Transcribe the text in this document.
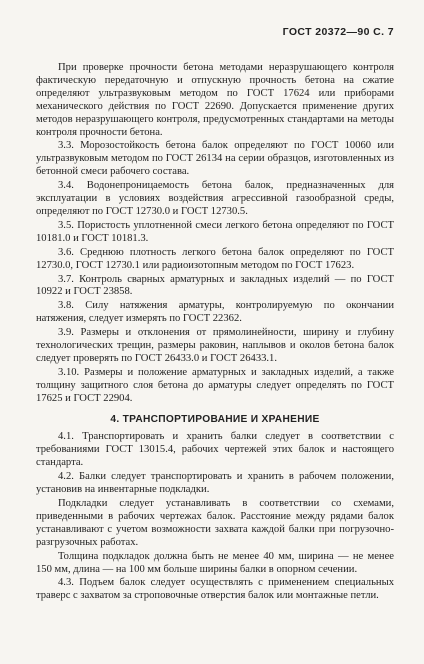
ГОСТ 20372—90 С. 7

При проверке прочности бетона методами неразрушающего контроля фактическую передаточную и отпускную прочность бетона на сжатие определяют ультразвуковым методом по ГОСТ 17624 или приборами механического действия по ГОСТ 22690. Допускается применение других методов неразрушающего контроля, предусмотренных стандартами на методы контроля прочности бетона.

3.3. Морозостойкость бетона балок определяют по ГОСТ 10060 или ультразвуковым методом по ГОСТ 26134 на серии образцов, изготовленных из бетонной смеси рабочего состава.

3.4. Водонепроницаемость бетона балок, предназначенных для эксплуатации в условиях воздействия агрессивной газообразной среды, определяют по ГОСТ 12730.0 и ГОСТ 12730.5.

3.5. Пористость уплотненной смеси легкого бетона определяют по ГОСТ 10181.0 и ГОСТ 10181.3.

3.6. Среднюю плотность легкого бетона балок определяют по ГОСТ 12730.0, ГОСТ 12730.1 или радиоизотопным методом по ГОСТ 17623.

3.7. Контроль сварных арматурных и закладных изделий — по ГОСТ 10922 и ГОСТ 23858.

3.8. Силу натяжения арматуры, контролируемую по окончании натяжения, следует измерять по ГОСТ 22362.

3.9. Размеры и отклонения от прямолинейности, ширину и глубину технологических трещин, размеры раковин, наплывов и околов бетона балок следует проверять по ГОСТ 26433.0 и ГОСТ 26433.1.

3.10. Размеры и положение арматурных и закладных изделий, а также толщину защитного слоя бетона до арматуры следует определять по ГОСТ 17625 и ГОСТ 22904.

4. ТРАНСПОРТИРОВАНИЕ И ХРАНЕНИЕ

4.1. Транспортировать и хранить балки следует в соответствии с требованиями ГОСТ 13015.4, рабочих чертежей этих балок и настоящего стандарта.

4.2. Балки следует транспортировать и хранить в рабочем положении, установив на инвентарные подкладки.

Подкладки следует устанавливать в соответствии со схемами, приведенными в рабочих чертежах балок. Расстояние между рядами балок устанавливают с учетом возможности захвата каждой балки при погрузочно-разгрузочных работах.

Толщина подкладок должна быть не менее 40 мм, ширина — не менее 150 мм, длина — на 100 мм больше ширины балки в опорном сечении.

4.3. Подъем балок следует осуществлять с применением специальных траверс с захватом за строповочные отверстия балок или монтажные петли.
